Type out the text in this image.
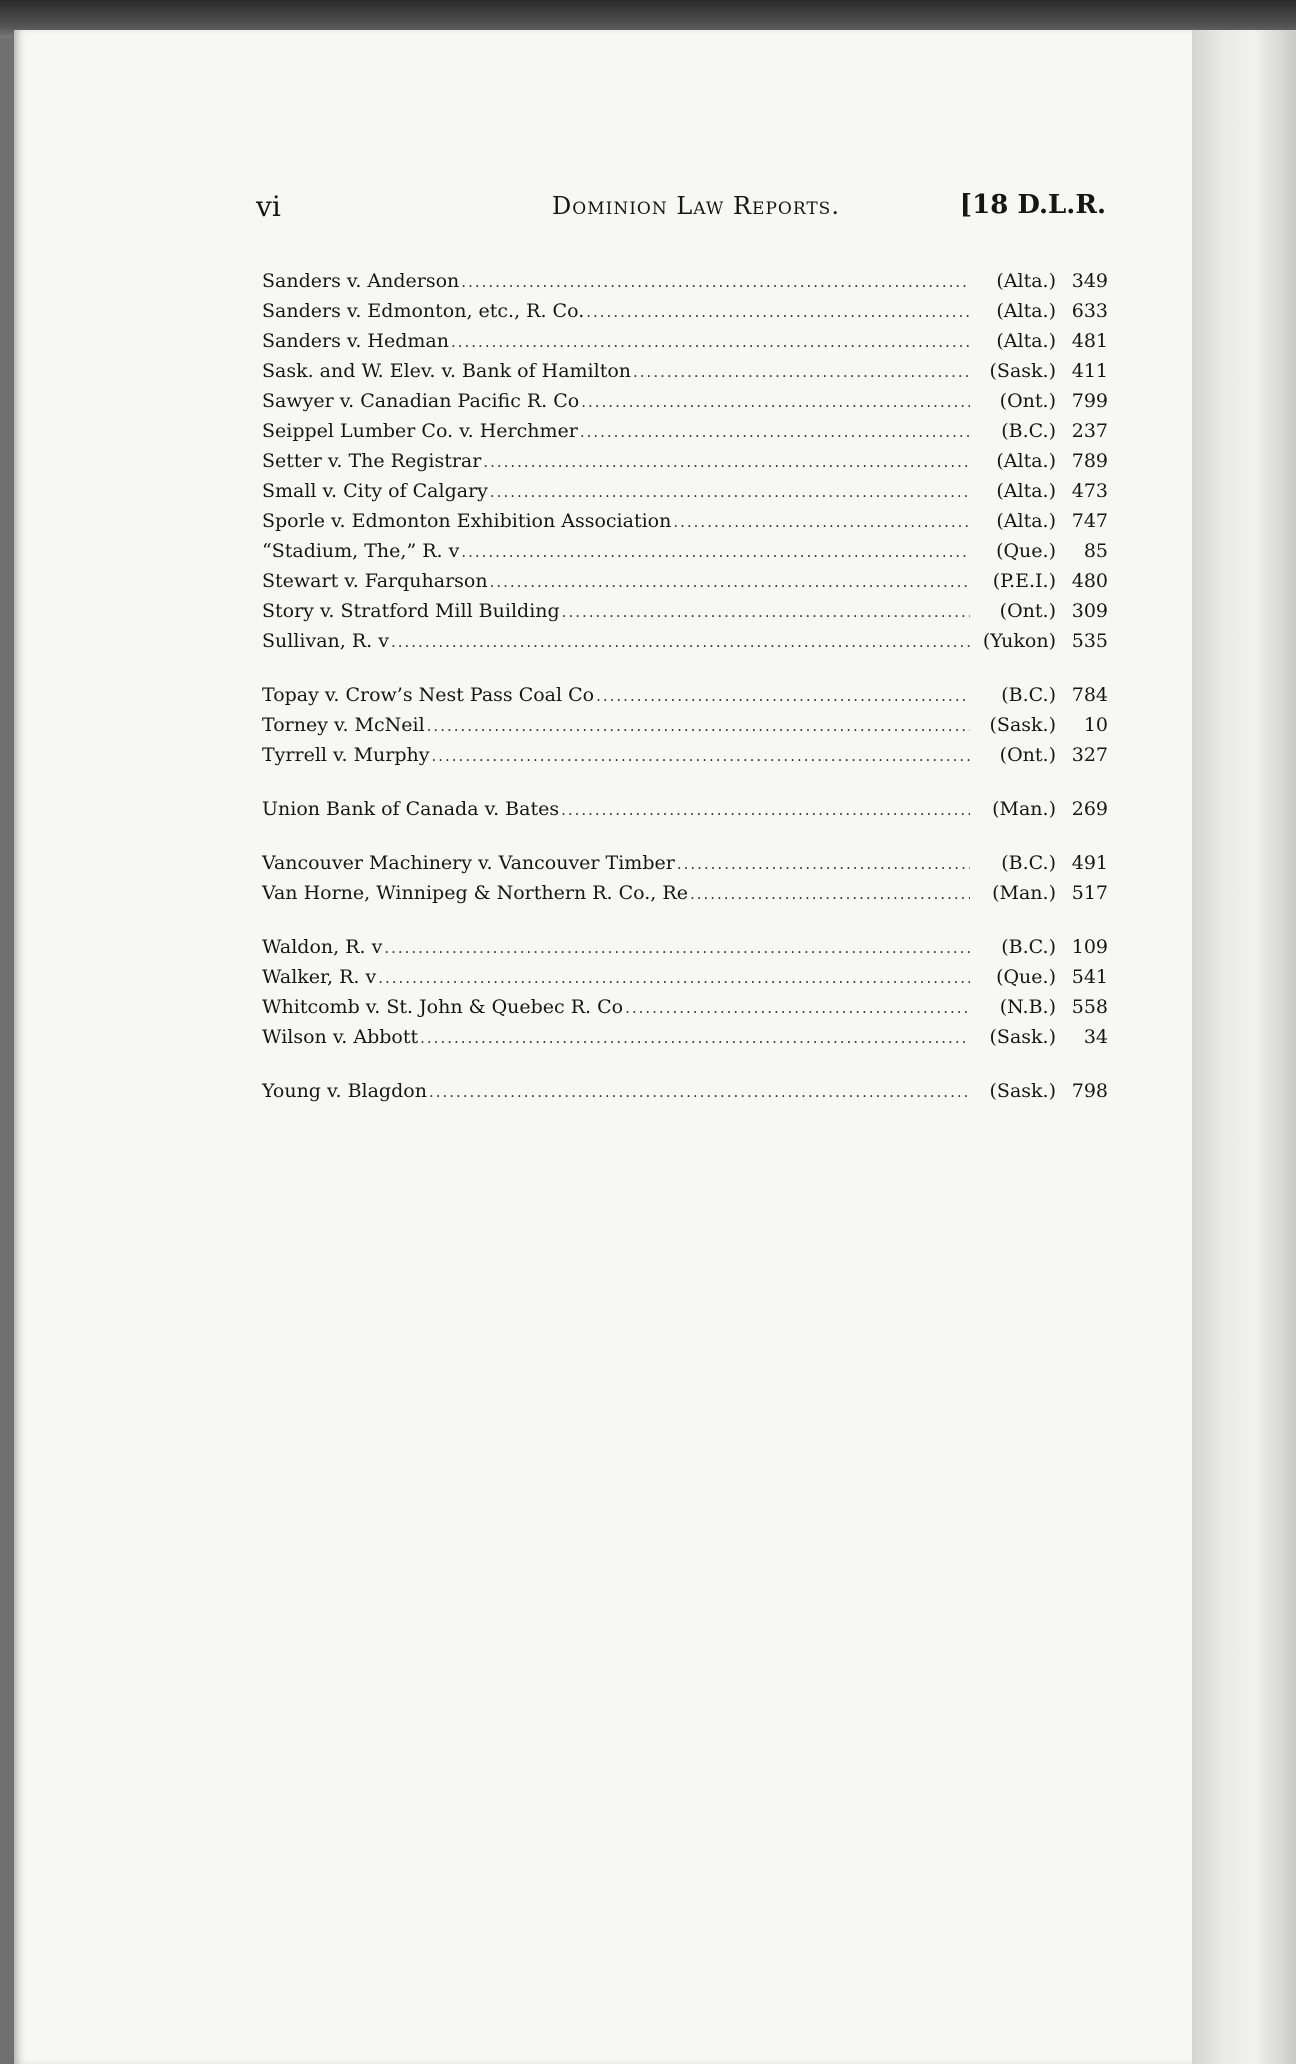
vi	Dominion Law Reports.	[18 D.L.R.
Sanders v. Anderson .....	(Alta.) 349
Sanders v. Edmonton, etc., R. Co. .....	(Alta.) 633
Sanders v. Hedman .....	(Alta.) 481
Sask. and W. Elev. v. Bank of Hamilton .....	(Sask.) 411
Sawyer v. Canadian Pacific R. Co .....	(Ont.) 799
Seippel Lumber Co. v. Herchmer .....	(B.C.) 237
Setter v. The Registrar .....	(Alta.) 789
Small v. City of Calgary .....	(Alta.) 473
Sporle v. Edmonton Exhibition Association .....	(Alta.) 747
“Stadium, The,” R. v .....	(Que.)	85
Stewart v. Farquharson .....	(P.E.I.) 480
Story v. Stratford Mill Building .....	(Ont.) 309
Sullivan, R. v .....	(Yukon) 535
Topay v. Crow’s Nest Pass Coal Co .....	(B.C.) 784
Torney v. McNeil .....	(Sask.)	10
Tyrrell v. Murphy .....	(Ont.) 327
Union Bank of Canada v. Bates .....	(Man.) 269
Vancouver Machinery v. Vancouver Timber .....	(B.C.) 491
Van Horne, Winnipeg & Northern R. Co., Re .....	(Man.) 517
Waldon, R. v .....	(B.C.) 109
Walker, R. v .....	(Que.) 541
Whitcomb v. St. John & Quebec R. Co .....	(N.B.) 558
Wilson v. Abbott .....	(Sask.)	34
Young v. Blagdon .....	(Sask.) 798
